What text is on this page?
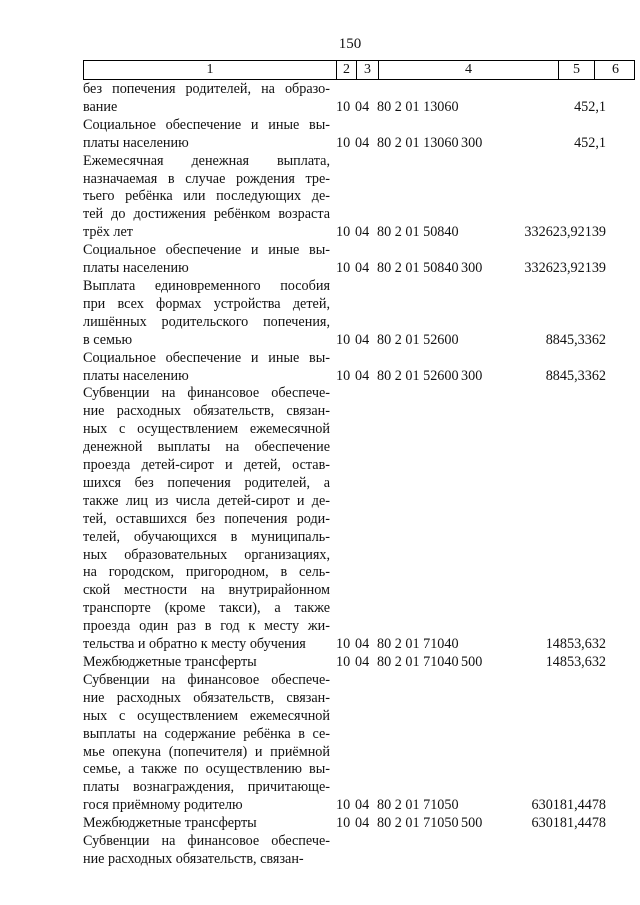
150
1	2	3	4	5	6
без попечения родителей, на образо-
вание	10 04 80 2 01 13060	452,1
Социальное обеспечение и иные вы-
платы населению	10 04 80 2 01 13060 300	452,1
Ежемесячная денежная выплата,
назначаемая в случае рождения тре-
тьего ребёнка или последующих де-
тей до достижения ребёнком возраста
трёх лет	10 04 80 2 01 50840	332623,92139
Социальное обеспечение и иные вы-
платы населению	10 04 80 2 01 50840 300	332623,92139
Выплата единовременного пособия
при всех формах устройства детей,
лишённых родительского попечения,
в семью	10 04 80 2 01 52600	8845,3362
Социальное обеспечение и иные вы-
платы населению	10 04 80 2 01 52600 300	8845,3362
Субвенции на финансовое обеспече-
ние расходных обязательств, связан-
ных с осуществлением ежемесячной
денежной выплаты на обеспечение
проезда детей-сирот и детей, остав-
шихся без попечения родителей, а
также лиц из числа детей-сирот и де-
тей, оставшихся без попечения роди-
телей, обучающихся в муниципаль-
ных образовательных организациях,
на городском, пригородном, в сель-
ской местности на внутрирайонном
транспорте (кроме такси), а также
проезда один раз в год к месту жи-
тельства и обратно к месту обучения	10 04 80 2 01 71040	14853,632
Межбюджетные трансферты	10 04 80 2 01 71040 500	14853,632
Субвенции на финансовое обеспече-
ние расходных обязательств, связан-
ных с осуществлением ежемесячной
выплаты на содержание ребёнка в се-
мье опекуна (попечителя) и приёмной
семье, а также по осуществлению вы-
платы вознаграждения, причитающе-
гося приёмному родителю	10 04 80 2 01 71050	630181,4478
Межбюджетные трансферты	10 04 80 2 01 71050 500	630181,4478
Субвенции на финансовое обеспече-
ние расходных обязательств, связан-
